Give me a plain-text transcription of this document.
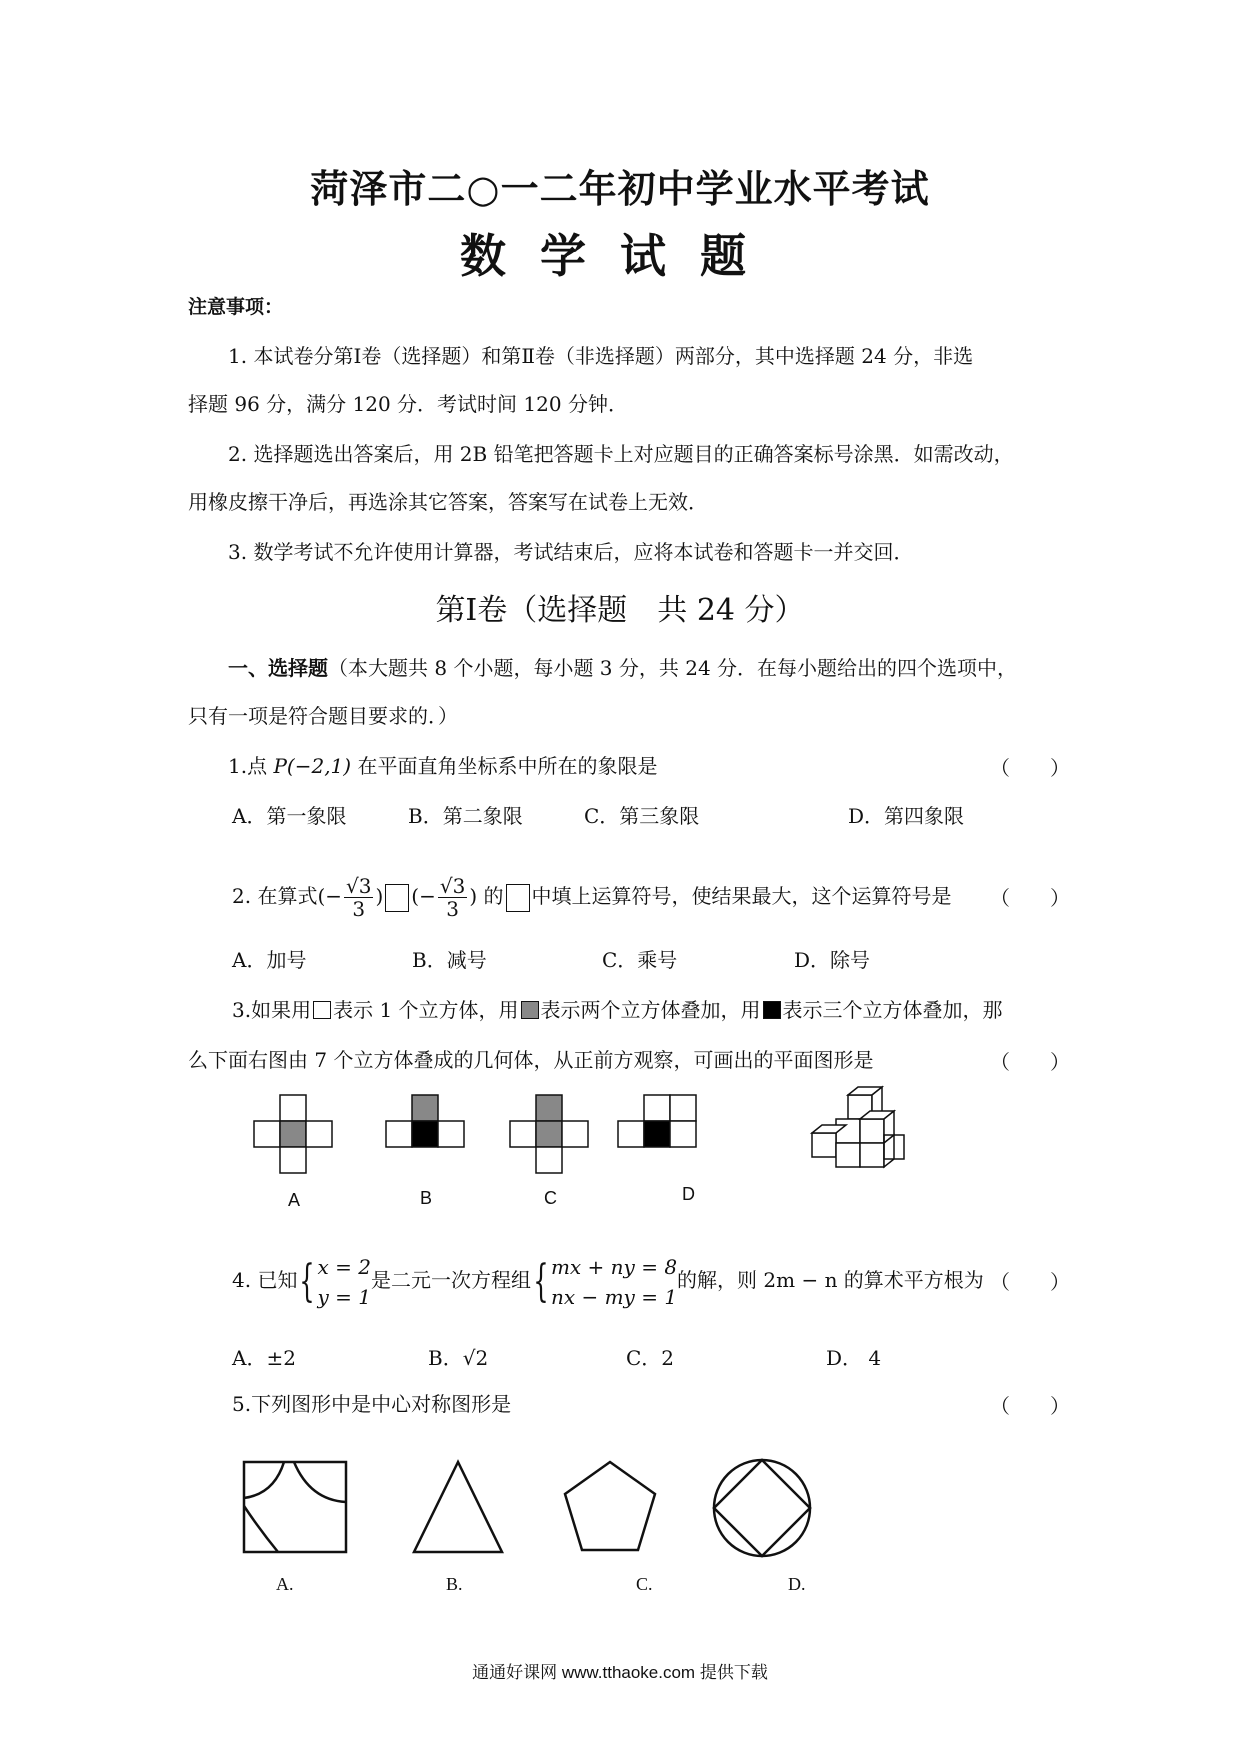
菏泽市二○一二年初中学业水平考试
数学试题
注意事项：
1. 本试卷分第Ⅰ卷（选择题）和第Ⅱ卷（非选择题）两部分，其中选择题 24 分，非选
择题 96 分，满分 120 分．考试时间 120 分钟．
2. 选择题选出答案后，用 2B 铅笔把答题卡上对应题目的正确答案标号涂黑．如需改动，
用橡皮擦干净后，再选涂其它答案，答案写在试卷上无效．
3. 数学考试不允许使用计算器，考试结束后，应将本试卷和答题卡一并交回．
第Ⅰ卷（选择题　共 24 分）
一、选择题（本大题共 8 个小题，每小题 3 分，共 24 分．在每小题给出的四个选项中，
只有一项是符合题目要求的．）
1.点 P(−2,1) 在平面直角坐标系中所在的象限是	（　　）
A．第一象限	B．第二象限	C．第三象限	D．第四象限
2. 在算式(− $\frac{√3}{3}$ ) (− $\frac{√3}{3}$ ) 的 中填上运算符号，使结果最大，这个运算符号是 （　　）
A．加号	B．减号	C．乘号	D．除号
3.如果用 表示 1 个立方体，用 表示两个立方体叠加，用 表示三个立方体叠加，那
么下面右图由 7 个立方体叠成的几何体，从正前方观察，可画出的平面图形是	（　　）
A	B	C	D
4. 已知{ x = 2
y = 1
是二元一次方程组{ mx + ny = 8
nx − my = 1
的解，则 2m − n 的算术平方根为 （　　）
A．±2	B．√2	C．2	D． 4
5.下列图形中是中心对称图形是	（　　）
A.	B.	C.	D.
通通好课网 www.tthaoke.com 提供下载
